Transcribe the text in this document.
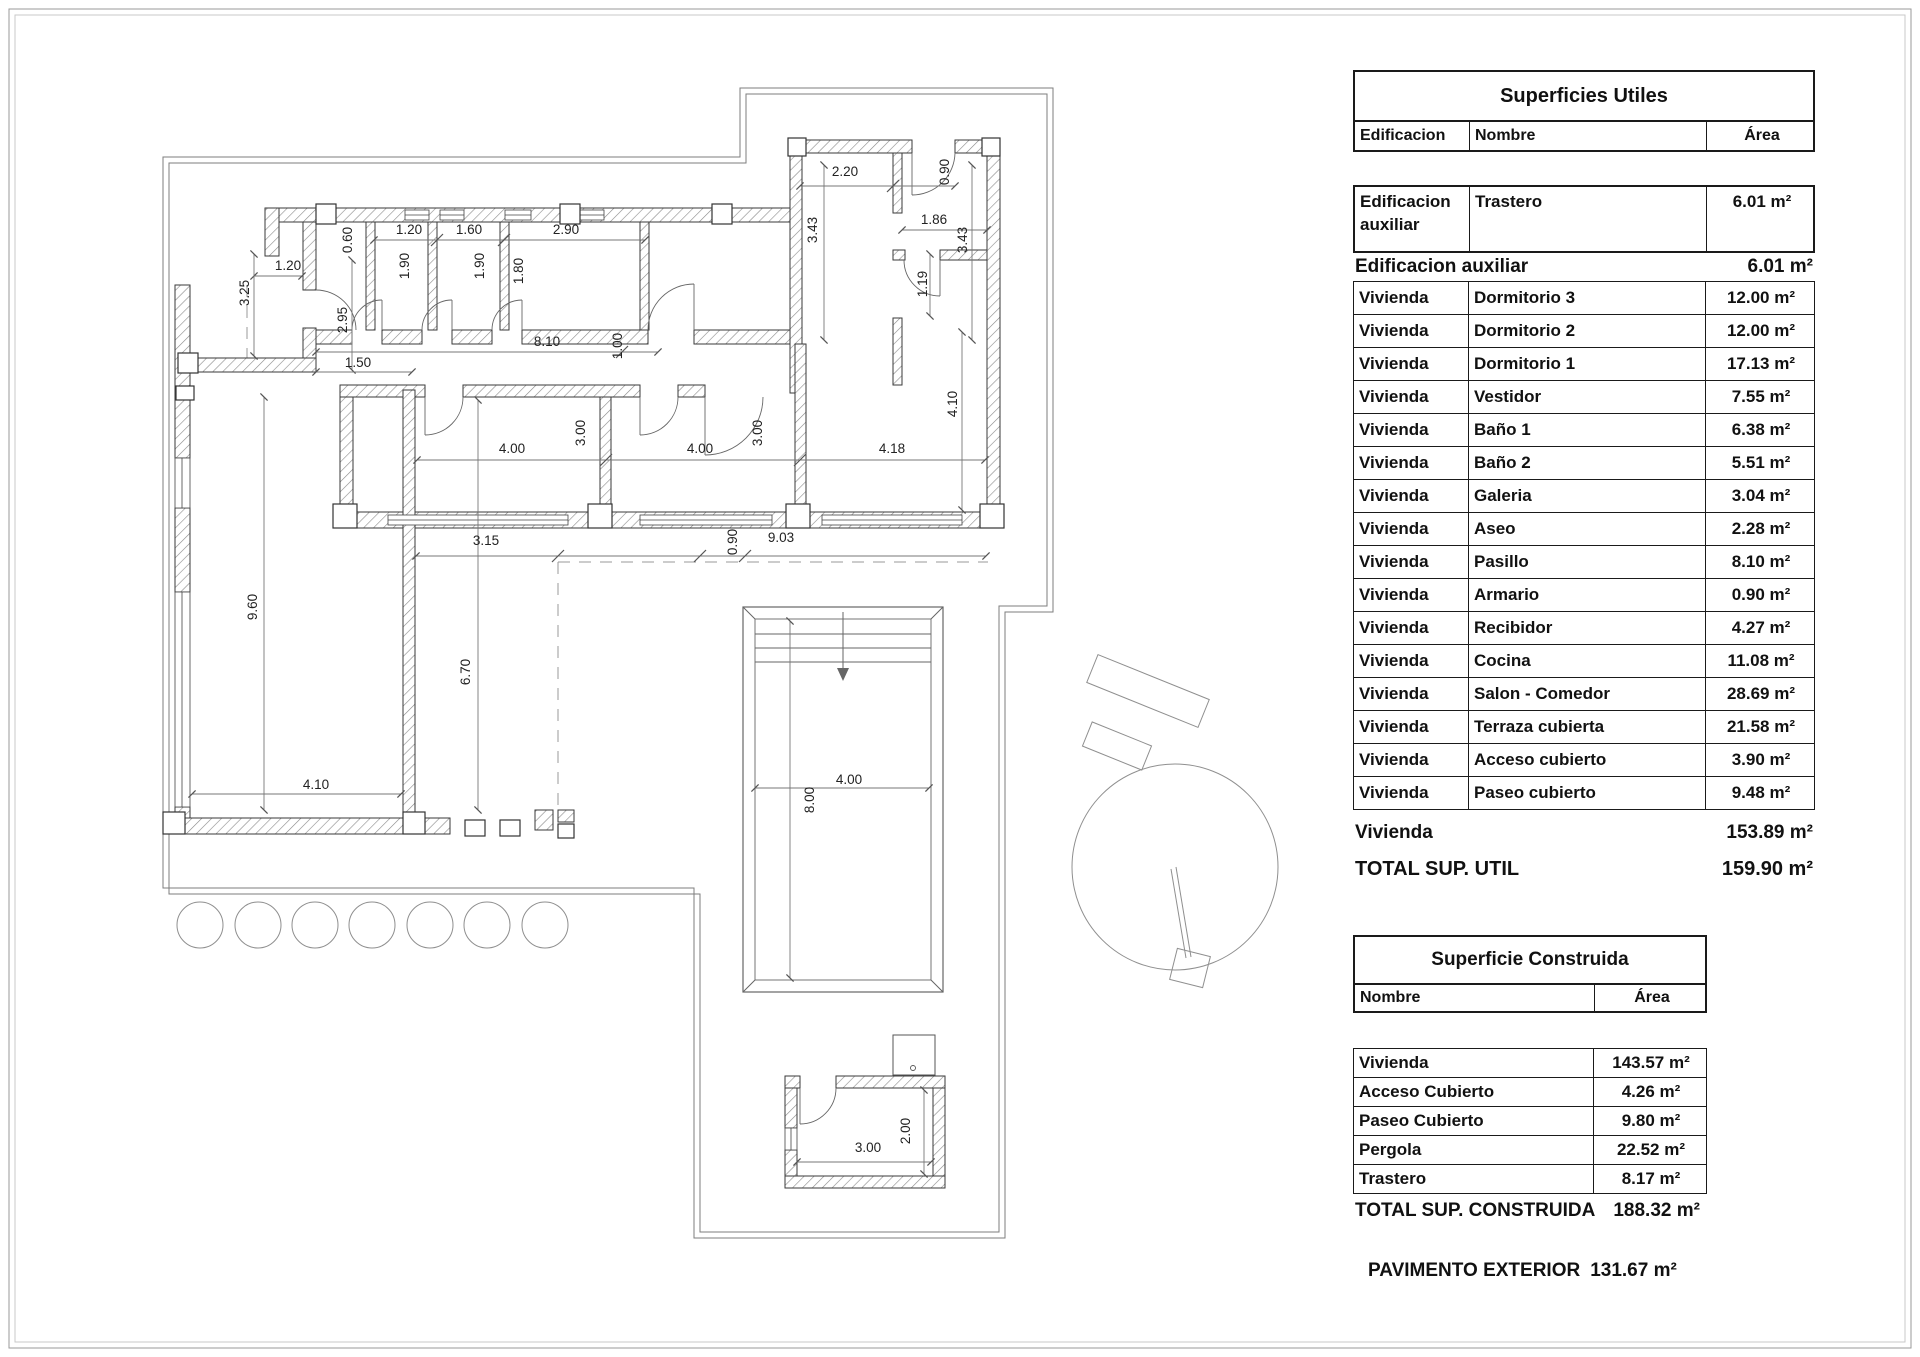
2.20	0.90
3.43	1.86
3.43
1.19
4.10
0.60	1.20 1.60	2.90
1.90	1.90 1.80
1.20
3.25
2.95
1.50
8.10	1.00
4.00
3.00
4.00
3.00
4.18
3.15	0.90 9.03
9.60
4.10
6.70
4.00
8.00
3.00
2.00
Superficies Utiles
Edificacion	Nombre	Área
Edificacion auxiliar
Trastero	6.01 m²
Edificacion auxiliar	6.01 m²
Vivienda	Dormitorio 3	12.00 m²
Vivienda	Dormitorio 2	12.00 m²
Vivienda	Dormitorio 1	17.13 m²
Vivienda	Vestidor	7.55 m²
Vivienda	Baño 1	6.38 m²
Vivienda	Baño 2	5.51 m²
Vivienda	Galeria	3.04 m²
Vivienda	Aseo	2.28 m²
Vivienda	Pasillo	8.10 m²
Vivienda	Armario	0.90 m²
Vivienda	Recibidor	4.27 m²
Vivienda	Cocina	11.08 m²
Vivienda	Salon - Comedor	28.69 m²
Vivienda	Terraza cubierta	21.58 m²
Vivienda	Acceso cubierto	3.90 m²
Vivienda	Paseo cubierto	9.48 m²
Vivienda	153.89 m²
TOTAL SUP. UTIL	159.90 m²
Superficie Construida
Nombre	Área
Vivienda	143.57 m²
Acceso Cubierto	4.26 m²
Paseo Cubierto	9.80 m²
Pergola	22.52 m²
Trastero	8.17 m²
TOTAL SUP. CONSTRUIDA 188.32 m²
PAVIMENTO EXTERIOR 131.67 m²
